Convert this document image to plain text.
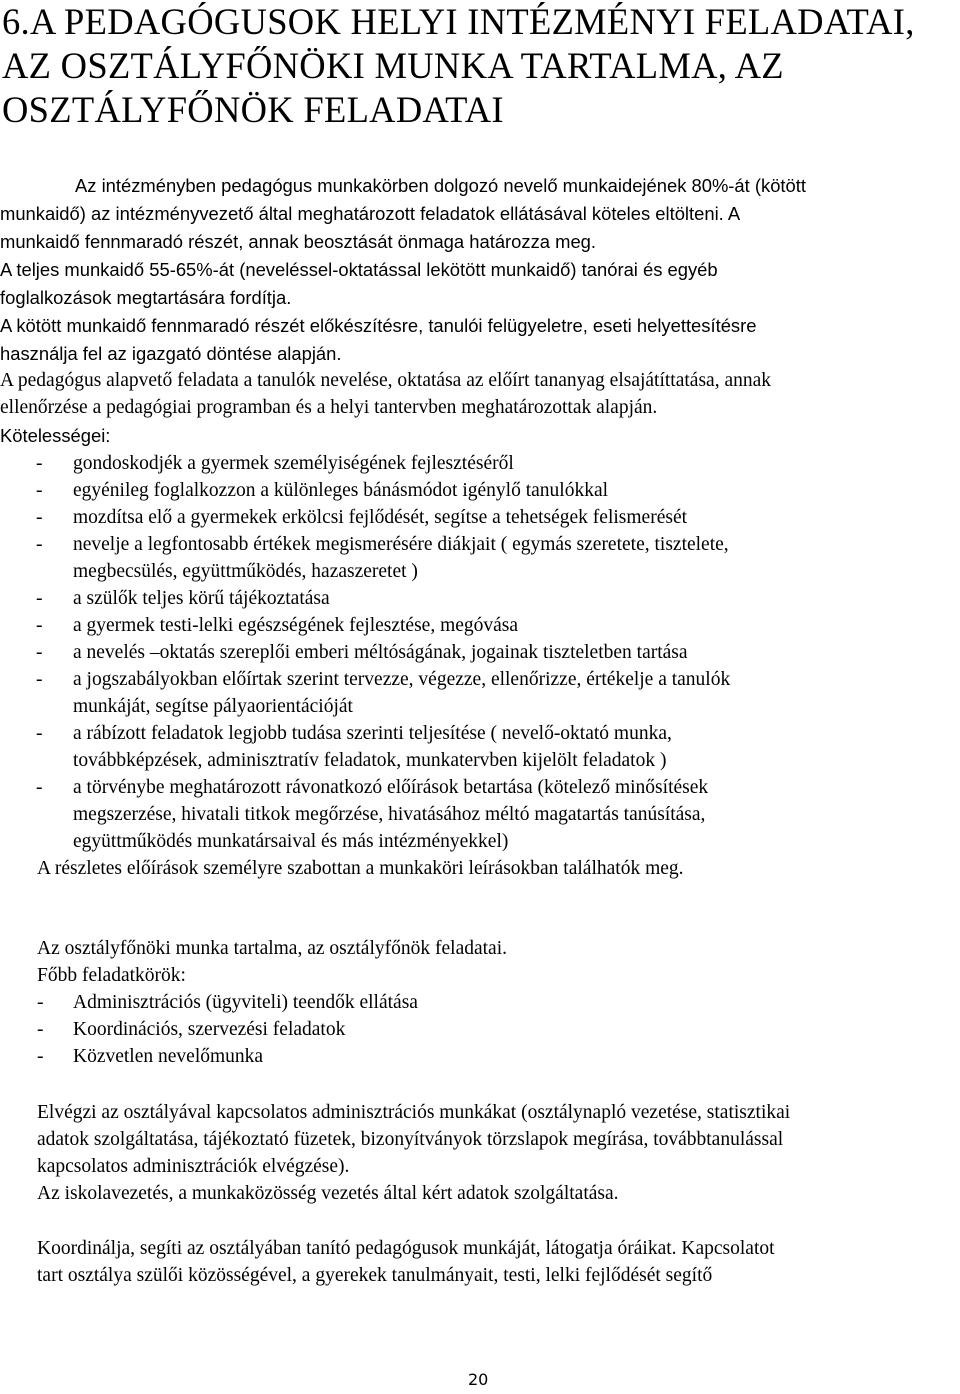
6.A PEDAGÓGUSOK HELYI INTÉZMÉNYI FELADATAI,
AZ OSZTÁLYFŐNÖKI MUNKA TARTALMA, AZ
OSZTÁLYFŐNÖK FELADATAI
Az intézményben pedagógus munkakörben dolgozó nevelő munkaidejének 80%-át (kötött
munkaidő) az intézményvezető által meghatározott feladatok ellátásával köteles eltölteni. A
munkaidő fennmaradó részét, annak beosztását önmaga határozza meg.
A teljes munkaidő 55-65%-át (neveléssel-oktatással lekötött munkaidő) tanórai és egyéb
foglalkozások megtartására fordítja.
A kötött munkaidő fennmaradó részét előkészítésre, tanulói felügyeletre, eseti helyettesítésre
használja fel az igazgató döntése alapján.
A pedagógus alapvető feladata a tanulók nevelése, oktatása az előírt tananyag elsajátíttatása, annak
ellenőrzése a pedagógiai programban és a helyi tantervben meghatározottak alapján.
Kötelességei:
- gondoskodjék a gyermek személyiségének fejlesztéséről
- egyénileg foglalkozzon a különleges bánásmódot igénylő tanulókkal
- mozdítsa elő a gyermekek erkölcsi fejlődését, segítse a tehetségek felismerését
- nevelje a legfontosabb értékek megismerésére diákjait ( egymás szeretete, tisztelete,
megbecsülés, együttműködés, hazaszeretet )
- a szülők teljes körű tájékoztatása
- a gyermek testi-lelki egészségének fejlesztése, megóvása
- a nevelés –oktatás szereplői emberi méltóságának, jogainak tiszteletben tartása
- a jogszabályokban előírtak szerint tervezze, végezze, ellenőrizze, értékelje a tanulók
munkáját, segítse pályaorientációját
- a rábízott feladatok legjobb tudása szerinti teljesítése ( nevelő-oktató munka,
továbbképzések, adminisztratív feladatok, munkatervben kijelölt feladatok )
- a törvénybe meghatározott rávonatkozó előírások betartása (kötelező minősítések
megszerzése, hivatali titkok megőrzése, hivatásához méltó magatartás tanúsítása,
együttműködés munkatársaival és más intézményekkel)
A részletes előírások személyre szabottan a munkaköri leírásokban találhatók meg.
Az osztályfőnöki munka tartalma, az osztályfőnök feladatai.
Főbb feladatkörök:
- Adminisztrációs (ügyviteli) teendők ellátása
- Koordinációs, szervezési feladatok
- Közvetlen nevelőmunka
Elvégzi az osztályával kapcsolatos adminisztrációs munkákat (osztálynapló vezetése, statisztikai
adatok szolgáltatása, tájékoztató füzetek, bizonyítványok törzslapok megírása, továbbtanulással
kapcsolatos adminisztrációk elvégzése).
Az iskolavezetés, a munkaközösség vezetés által kért adatok szolgáltatása.
Koordinálja, segíti az osztályában tanító pedagógusok munkáját, látogatja óráikat. Kapcsolatot
tart osztálya szülői közösségével, a gyerekek tanulmányait, testi, lelki fejlődését segítő
20
